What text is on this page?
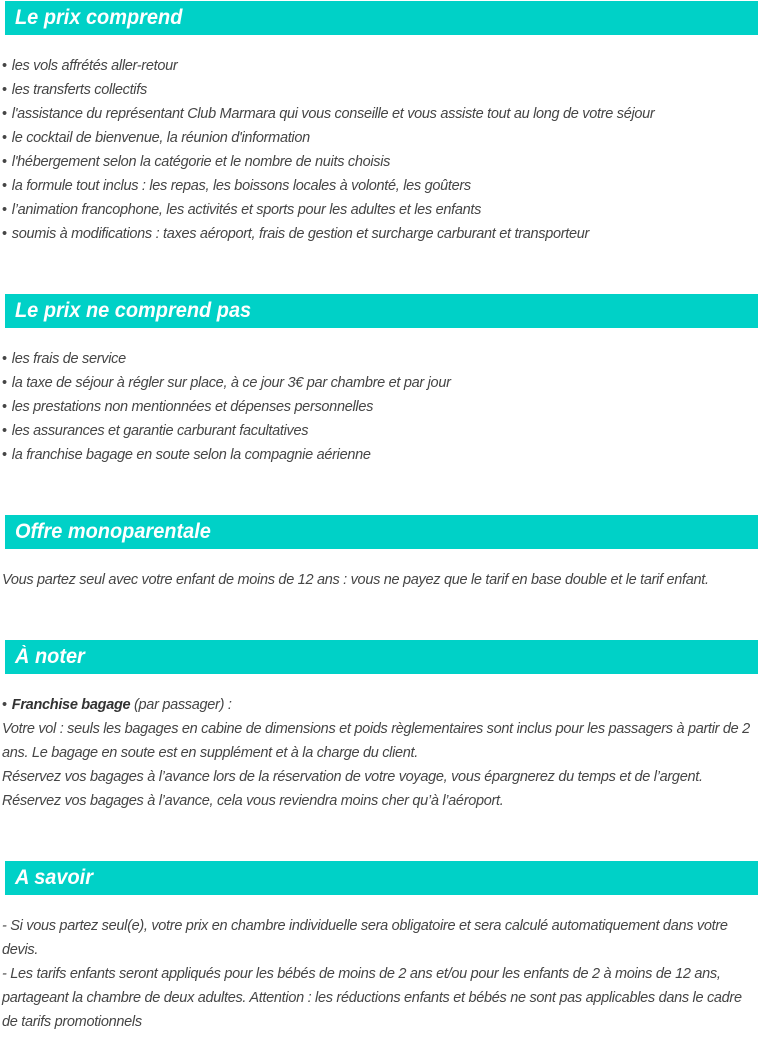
Le prix comprend
• les vols affrétés aller-retour
• les transferts collectifs
• l'assistance du représentant Club Marmara qui vous conseille et vous assiste tout au long de votre séjour
• le cocktail de bienvenue, la réunion d'information
• l'hébergement selon la catégorie et le nombre de nuits choisis
• la formule tout inclus : les repas, les boissons locales à volonté, les goûters
• l’animation francophone, les activités et sports pour les adultes et les enfants
• soumis à modifications : taxes aéroport, frais de gestion et surcharge carburant et transporteur
Le prix ne comprend pas
• les frais de service
• la taxe de séjour à régler sur place, à ce jour 3€ par chambre et par jour
• les prestations non mentionnées et dépenses personnelles
• les assurances et garantie carburant facultatives
• la franchise bagage en soute selon la compagnie aérienne
Offre monoparentale

Vous partez seul avec votre enfant de moins de 12 ans : vous ne payez que le tarif en base double et le tarif enfant.

À noter
• Franchise bagage (par passager) :

Votre vol : seuls les bagages en cabine de dimensions et poids règlementaires sont inclus pour les passagers à partir de 2 ans. Le bagage en soute est en supplément et à la charge du client.

Réservez vos bagages à l’avance lors de la réservation de votre voyage, vous épargnerez du temps et de l’argent.

Réservez vos bagages à l’avance, cela vous reviendra moins cher qu’à l’aéroport.

A savoir

- Si vous partez seul(e), votre prix en chambre individuelle sera obligatoire et sera calculé automatiquement dans votre devis.

- Les tarifs enfants seront appliqués pour les bébés de moins de 2 ans et/ou pour les enfants de 2 à moins de 12 ans, partageant la chambre de deux adultes. Attention : les réductions enfants et bébés ne sont pas applicables dans le cadre de tarifs promotionnels
